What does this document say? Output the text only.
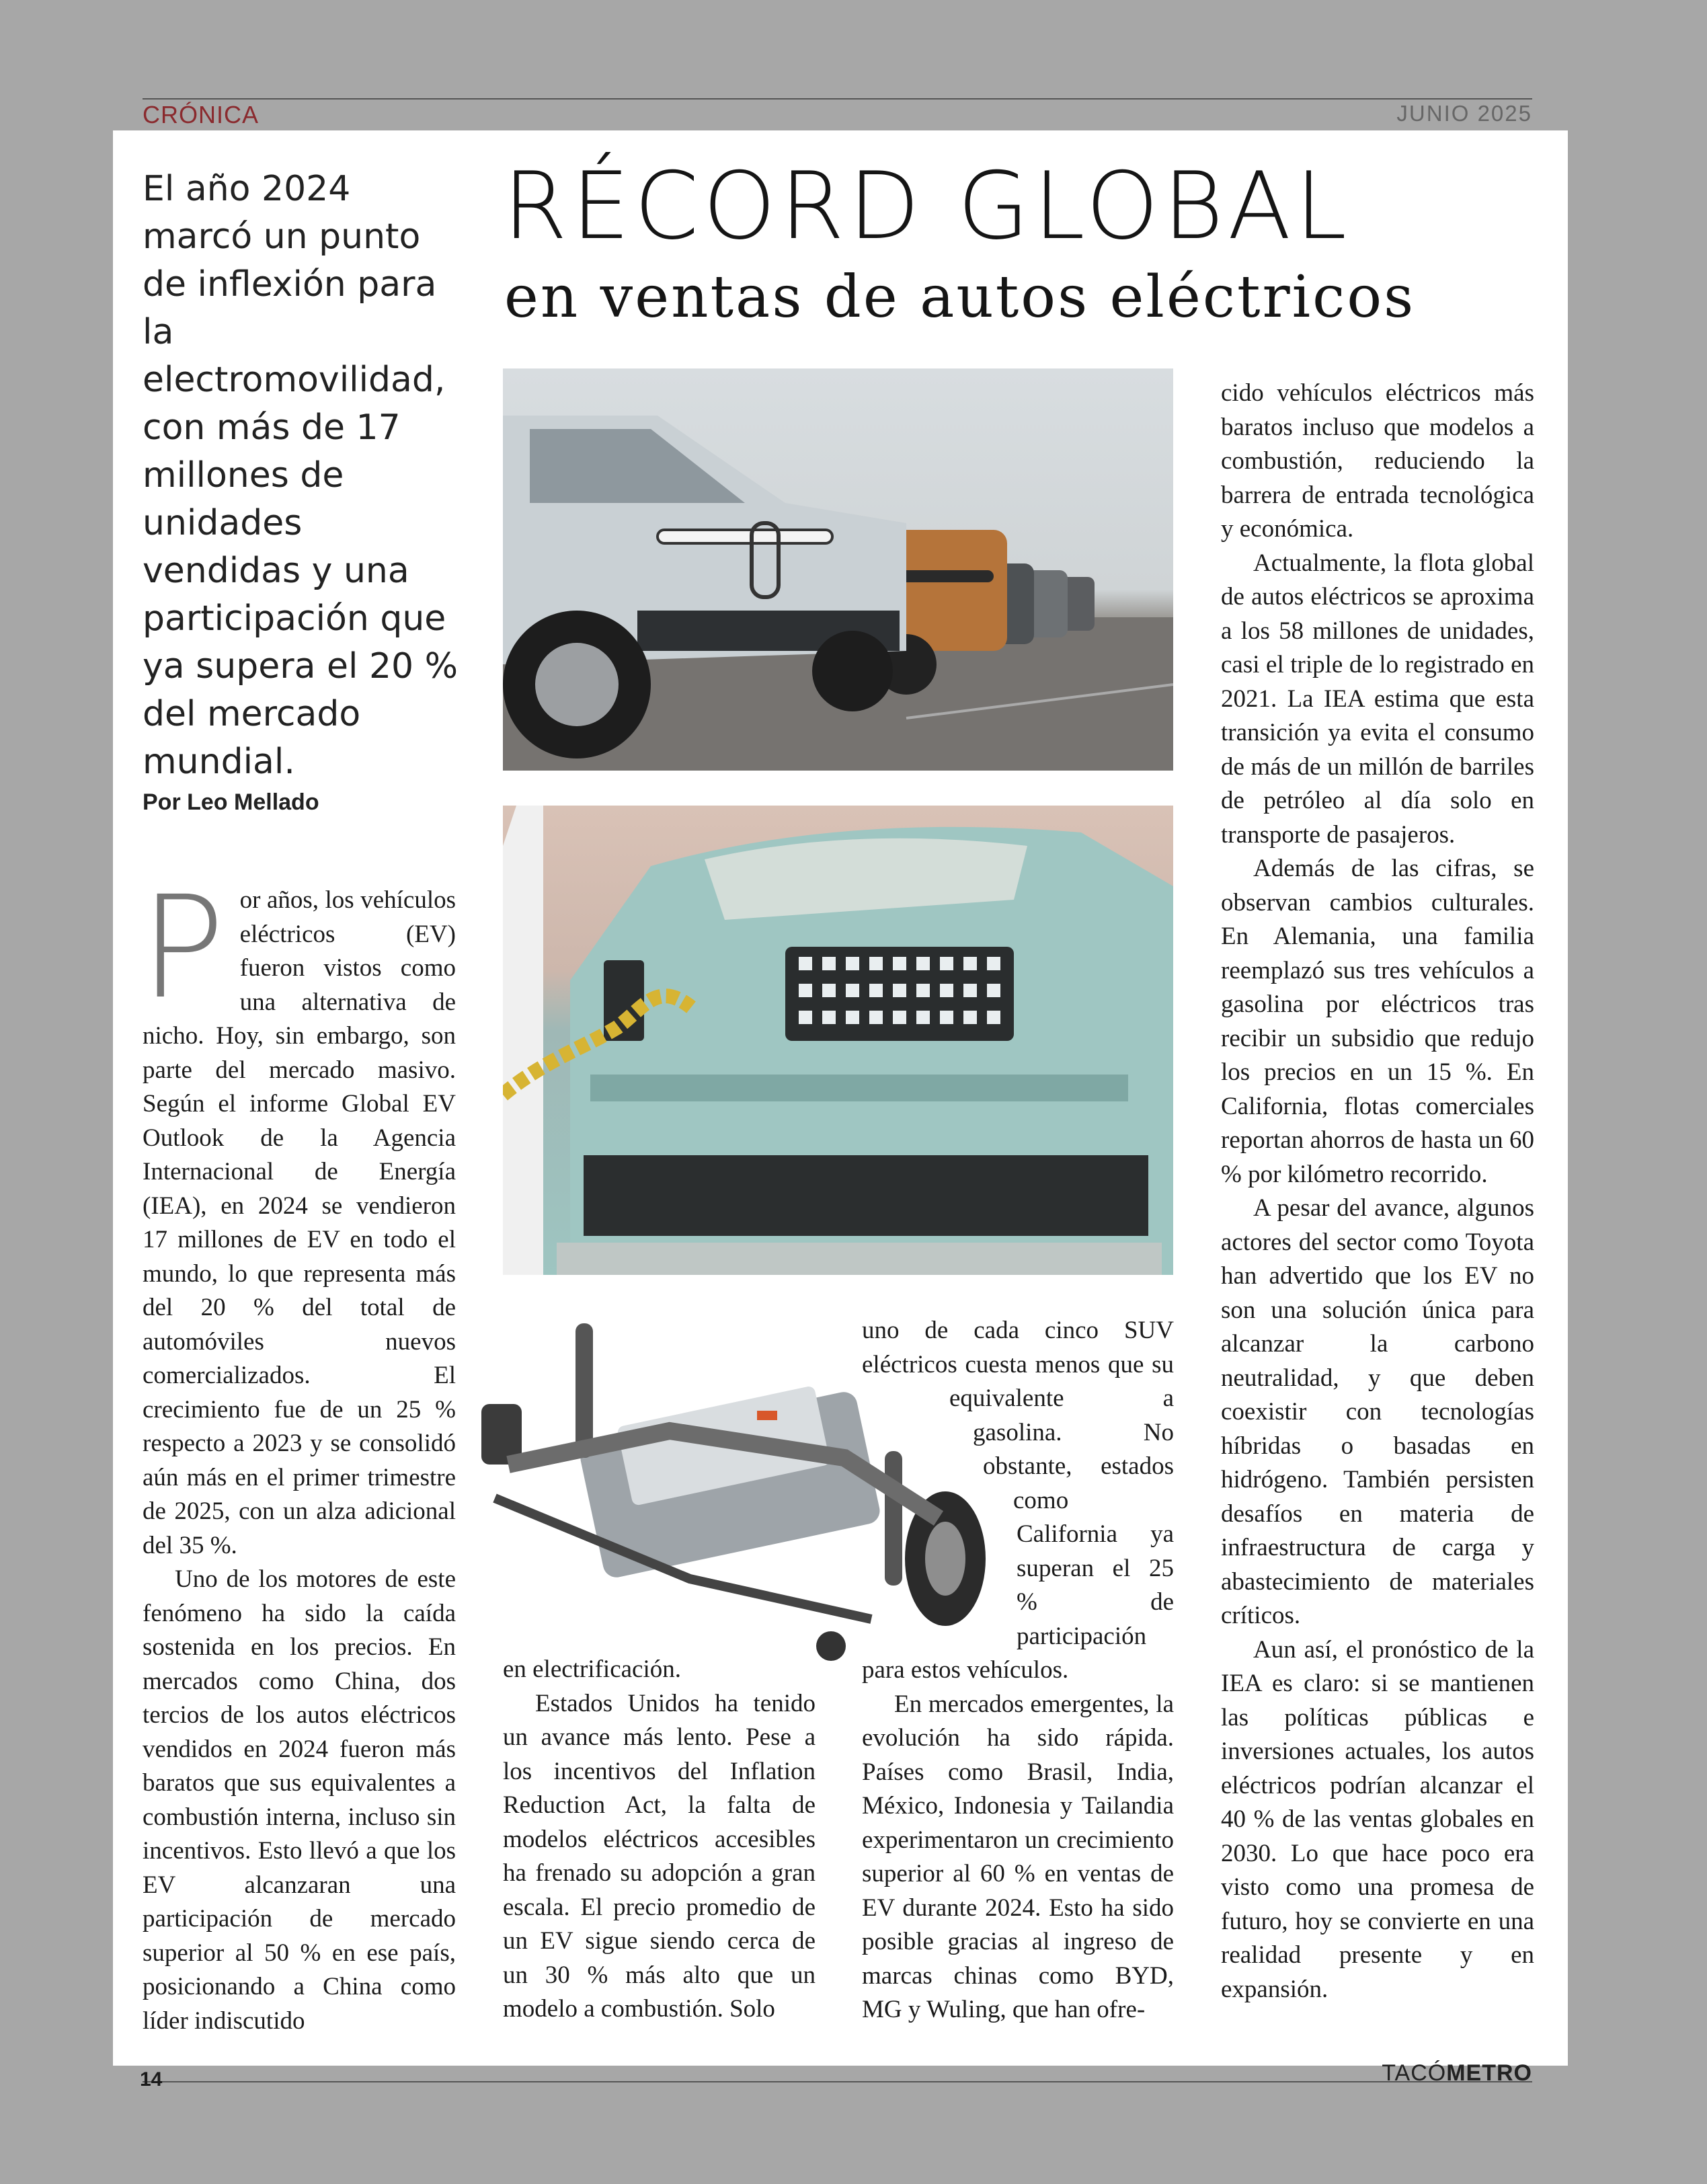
CRÓNICA	JUNIO 2025
El año 2024 marcó un punto de inflexión para la electromovilidad, con más de 17 millones de unidades vendidas y una participación que ya supera el 20 % del mercado mundial.
Por Leo Mellado
RÉCORD GLOBAL
en ventas de autos eléctricos

Por años, los vehículos eléctricos (EV) fueron vistos como una alternativa de nicho. Hoy, sin embargo, son parte del mercado masivo. Según el informe Global EV Outlook de la Agencia Internacional de Energía (IEA), en 2024 se vendieron 17 millones de EV en todo el mundo, lo que representa más del 20 % del total de automóviles nuevos comercializados. El crecimiento fue de un 25 % respecto a 2023 y se consolidó aún más en el primer trimestre de 2025, con un alza adicional del 35 %.

Uno de los motores de este fenómeno ha sido la caída sostenida en los precios. En mercados como China, dos tercios de los autos eléctricos vendidos en 2024 fueron más baratos que sus equivalentes a combustión interna, incluso sin incentivos. Esto llevó a que los EV alcanzaran una participación de mercado superior al 50 % en ese país, posicionando a China como líder indiscutido

en electrificación.

Estados Unidos ha tenido un avance más lento. Pese a los incentivos del Inflation Reduction Act, la falta de modelos eléctricos accesibles ha frenado su adopción a gran escala. El precio promedio de un EV sigue siendo cerca de un 30 % más alto que un modelo a combustión. Solo

uno de cada cinco SUV eléctricos cuesta menos que su equivalente a gasolina. No obstante, estados como California ya superan el 25 % de participación para estos vehículos.

En mercados emergentes, la evolución ha sido rápida. Países como Brasil, India, México, Indonesia y Tailandia experimentaron un crecimiento superior al 60 % en ventas de EV durante 2024. Esto ha sido posible gracias al ingreso de marcas chinas como BYD, MG y Wuling, que han ofre-

cido vehículos eléctricos más baratos incluso que modelos a combustión, reduciendo la barrera de entrada tecnológica y económica.

Actualmente, la flota global de autos eléctricos se aproxima a los 58 millones de unidades, casi el triple de lo registrado en 2021. La IEA estima que esta transición ya evita el consumo de más de un millón de barriles de petróleo al día solo en transporte de pasajeros.

Además de las cifras, se observan cambios culturales. En Alemania, una familia reemplazó sus tres vehículos a gasolina por eléctricos tras recibir un subsidio que redujo los precios en un 15 %. En California, flotas comerciales reportan ahorros de hasta un 60 % por kilómetro recorrido.

A pesar del avance, algunos actores del sector como Toyota han advertido que los EV no son una solución única para alcanzar la carbono neutralidad, y que deben coexistir con tecnologías híbridas o basadas en hidrógeno. También persisten desafíos en materia de infraestructura de carga y abastecimiento de materiales críticos.

Aun así, el pronóstico de la IEA es claro: si se mantienen las políticas públicas e inversiones actuales, los autos eléctricos podrían alcanzar el 40 % de las ventas globales en 2030. Lo que hace poco era visto como una promesa de futuro, hoy se convierte en una realidad presente y en expansión.

14	TACÓMETRO
